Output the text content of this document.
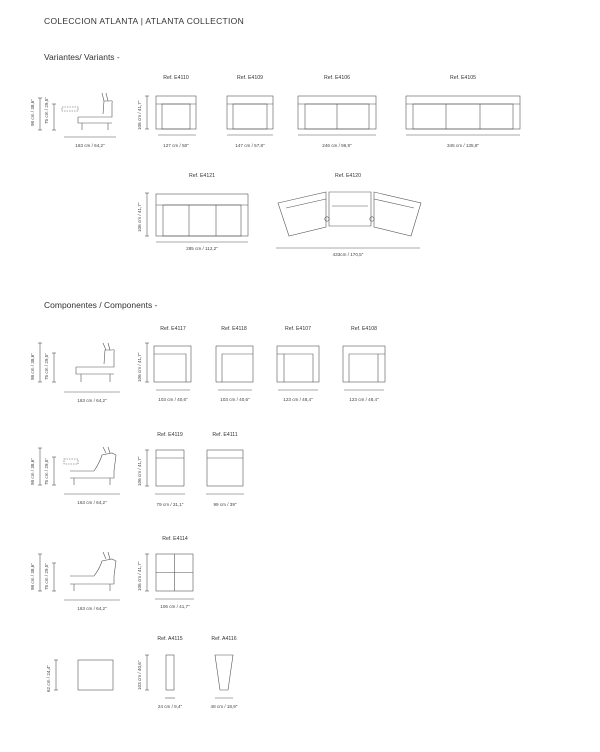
COLECCION ATLANTA | ATLANTA COLLECTION
Variantes/ Variants -
Componentes / Components -
98 cm / 38,6" 75 cm / 29,5"
163 cm / 64,2"
106 cm / 41,7"
Ref. E4110	Ref. E4109	Ref. E4106	Ref. E4105
127 cm / 50"	147 cm / 57,8"	246 cm / 96,9"	345 cm / 135,8"
Ref. E4121	Ref. E4120
106 cm / 41,7"
285 cm / 112,2"
433cm / 170,5"
98 cm / 38,6" 75 cm / 29,5"
163 cm / 64,2"
106 cm / 41,7"
Ref. E4117	Ref. E4118	Ref. E4107	Ref. E4108
103 cm / 40,6"	103 cm / 40,6"	123 cm / 48,4"	123 cm / 48,4"
98 cm / 38,6" 75 cm / 29,5"
163 cm / 64,2"
106 cm / 41,7"
Ref. E4119	Ref. E4111
79 cm / 31,1"	99 cm / 39"
98 cm / 38,6" 75 cm / 29,5"
163 cm / 64,2"
106 cm / 41,7"
Ref. E4114
106 cm / 41,7"
62 cm / 24,4"	103 cm / 40,6"
Ref. A4115	Ref. A4116
24 cm / 9,4"	48 cm / 18,9"
